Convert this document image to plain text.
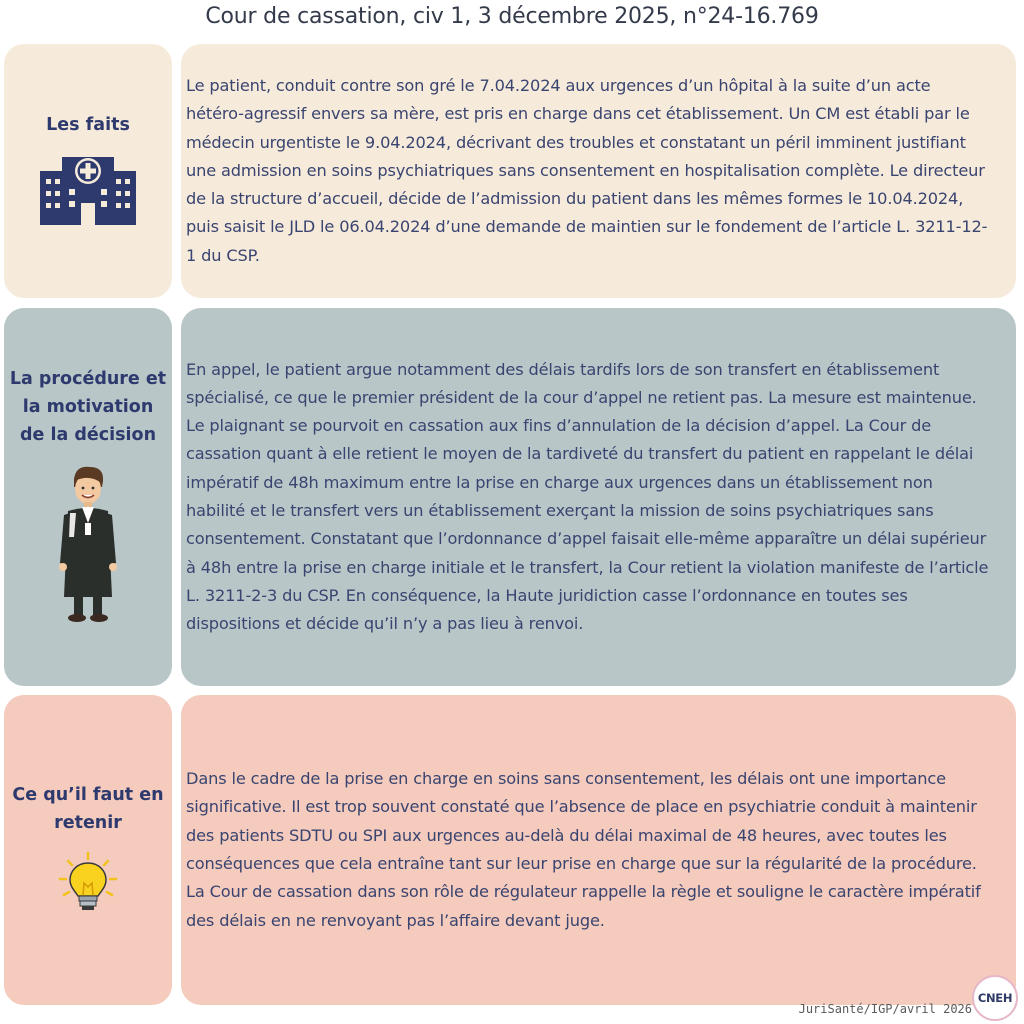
Cour de cassation, civ 1, 3 décembre 2025, n°24-16.769
Les faits
Le patient, conduit contre son gré le 7.04.2024 aux urgences d’un hôpital à la suite d’un acte hétéro-agressif envers sa mère, est pris en charge dans cet établissement. Un CM est établi par le médecin urgentiste le 9.04.2024, décrivant des troubles et constatant un péril imminent justifiant une admission en soins psychiatriques sans consentement en hospitalisation complète. Le directeur de la structure d’accueil, décide de l’admission du patient dans les mêmes formes le 10.04.2024, puis saisit le JLD le 06.04.2024 d’une demande de maintien sur le fondement de l’article L. 3211-12-1 du CSP.
La procédure et la motivation de la décision
En appel, le patient argue notamment des délais tardifs lors de son transfert en établissement spécialisé, ce que le premier président de la cour d’appel ne retient pas. La mesure est maintenue. Le plaignant se pourvoit en cassation aux fins d’annulation de la décision d’appel. La Cour de cassation quant à elle retient le moyen de la tardiveté du transfert du patient en rappelant le délai impératif de 48h maximum entre la prise en charge aux urgences dans un établissement non habilité et le transfert vers un établissement exerçant la mission de soins psychiatriques sans consentement. Constatant que l’ordonnance d’appel faisait elle-même apparaître un délai supérieur à 48h entre la prise en charge initiale et le transfert, la Cour retient la violation manifeste de l’article L. 3211-2-3 du CSP. En conséquence, la Haute juridiction casse l’ordonnance en toutes ses dispositions et décide qu’il n’y a pas lieu à renvoi.
Ce qu’il faut en retenir
Dans le cadre de la prise en charge en soins sans consentement, les délais ont une importance significative. Il est trop souvent constaté que l’absence de place en psychiatrie conduit à maintenir des patients SDTU ou SPI aux urgences au-delà du délai maximal de 48 heures, avec toutes les conséquences que cela entraîne tant sur leur prise en charge que sur la régularité de la procédure. La Cour de cassation dans son rôle de régulateur rappelle la règle et souligne le caractère impératif des délais en ne renvoyant pas l’affaire devant juge.
JuriSanté/IGP/avril 2026
CNEH
